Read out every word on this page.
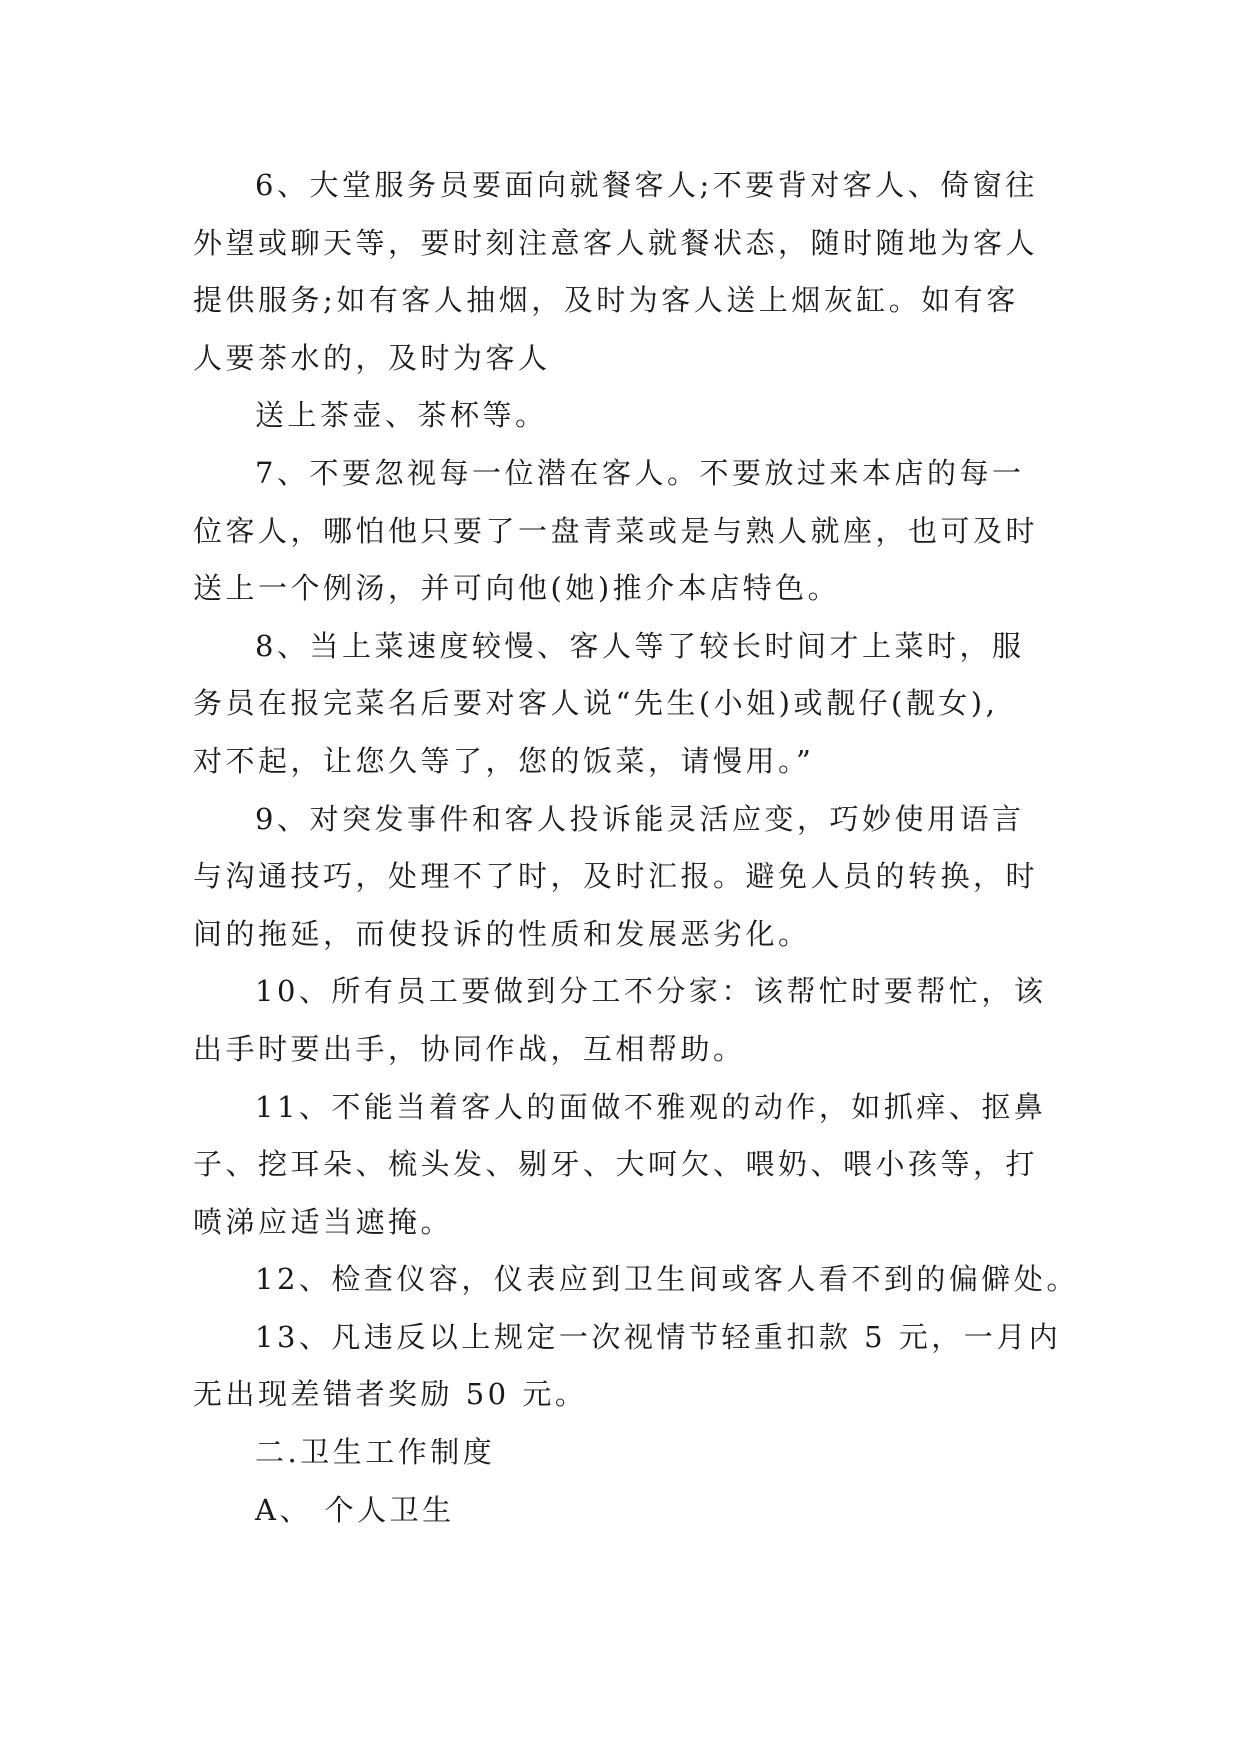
6、大堂服务员要面向就餐客人;不要背对客人、倚窗往
外望或聊天等，要时刻注意客人就餐状态，随时随地为客人
提供服务;如有客人抽烟，及时为客人送上烟灰缸。如有客
人要茶水的，及时为客人
送上茶壶、茶杯等。
7、不要忽视每一位潜在客人。不要放过来本店的每一
位客人，哪怕他只要了一盘青菜或是与熟人就座，也可及时
送上一个例汤，并可向他(她)推介本店特色。
8、当上菜速度较慢、客人等了较长时间才上菜时，服
务员在报完菜名后要对客人说“先生(小姐)或靓仔(靓女),
对不起，让您久等了，您的饭菜，请慢用。”
9、对突发事件和客人投诉能灵活应变，巧妙使用语言
与沟通技巧，处理不了时，及时汇报。避免人员的转换，时
间的拖延，而使投诉的性质和发展恶劣化。
10、所有员工要做到分工不分家：该帮忙时要帮忙，该
出手时要出手，协同作战，互相帮助。
11、不能当着客人的面做不雅观的动作，如抓痒、抠鼻
子、挖耳朵、梳头发、剔牙、大呵欠、喂奶、喂小孩等，打
喷涕应适当遮掩。
12、检查仪容，仪表应到卫生间或客人看不到的偏僻处。
13、凡违反以上规定一次视情节轻重扣款 5 元，一月内
无出现差错者奖励 50 元。
二.卫生工作制度
A、 个人卫生
